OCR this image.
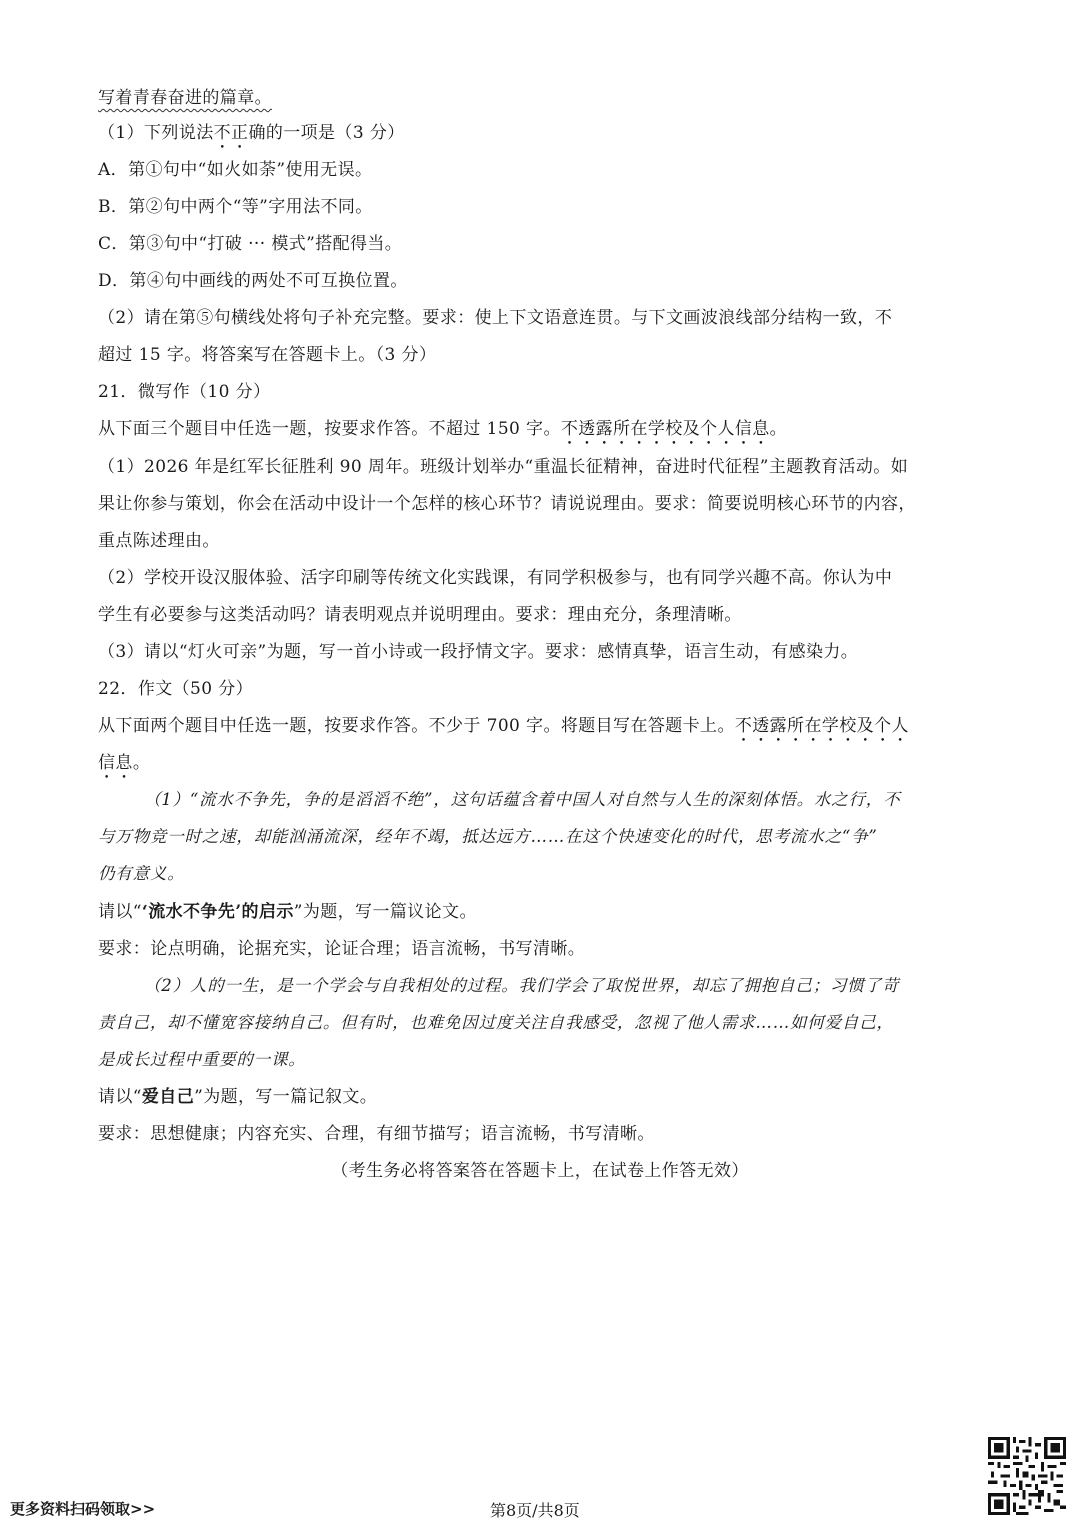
写着青春奋进的篇章。
（1）下列说法不正确的一项是（3 分）
A．第①句中“如火如荼”使用无误。
B．第②句中两个“等”字用法不同。
C．第③句中“打破 ··· 模式”搭配得当。
D．第④句中画线的两处不可互换位置。
（2）请在第⑤句横线处将句子补充完整。要求：使上下文语意连贯。与下文画波浪线部分结构一致，不
超过 15 字。将答案写在答题卡上。（3 分）
21．微写作（10 分）
从下面三个题目中任选一题，按要求作答。不超过 150 字。不透露所在学校及个人信息。
（1）2026 年是红军长征胜利 90 周年。班级计划举办“重温长征精神，奋进时代征程”主题教育活动。如
果让你参与策划，你会在活动中设计一个怎样的核心环节？请说说理由。要求：简要说明核心环节的内容，
重点陈述理由。
（2）学校开设汉服体验、活字印刷等传统文化实践课，有同学积极参与，也有同学兴趣不高。你认为中
学生有必要参与这类活动吗？请表明观点并说明理由。要求：理由充分，条理清晰。
（3）请以“灯火可亲”为题，写一首小诗或一段抒情文字。要求：感情真挚，语言生动，有感染力。
22．作文（50 分）
从下面两个题目中任选一题，按要求作答。不少于 700 字。将题目写在答题卡上。不透露所在学校及个人
信息。
（1）“流水不争先，争的是滔滔不绝”，这句话蕴含着中国人对自然与人生的深刻体悟。水之行，不
与万物竞一时之速，却能汹涌流深，经年不竭，抵达远方……在这个快速变化的时代，思考流水之“争”
仍有意义。
请以“‘流水不争先’的启示”为题，写一篇议论文。
要求：论点明确，论据充实，论证合理；语言流畅，书写清晰。
（2）人的一生，是一个学会与自我相处的过程。我们学会了取悦世界，却忘了拥抱自己；习惯了苛
责自己，却不懂宽容接纳自己。但有时，也难免因过度关注自我感受，忽视了他人需求……如何爱自己，
是成长过程中重要的一课。
请以“爱自己”为题，写一篇记叙文。
要求：思想健康；内容充实、合理，有细节描写；语言流畅，书写清晰。
（考生务必将答案答在答题卡上，在试卷上作答无效）
更多资料扫码领取>>	第8页/共8页
